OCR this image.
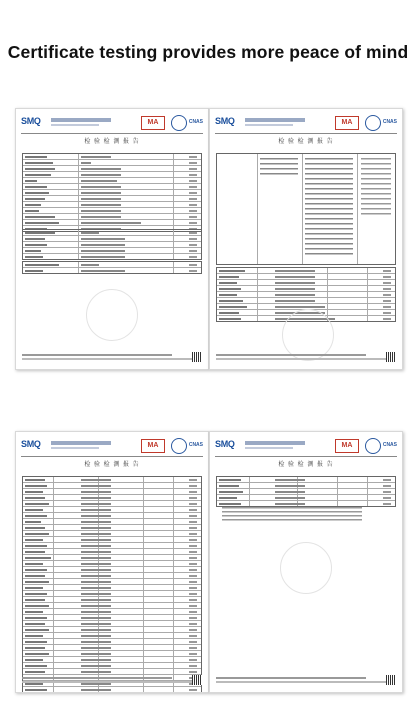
Certificate testing provides more peace of mind
SMQ	MA	CNAS
检 验 检 测 报 告
SMQ	MA	CNAS
检 验 检 测 报 告
SMQ	MA	CNAS
检 验 检 测 报 告
SMQ	MA	CNAS
检 验 检 测 报 告
